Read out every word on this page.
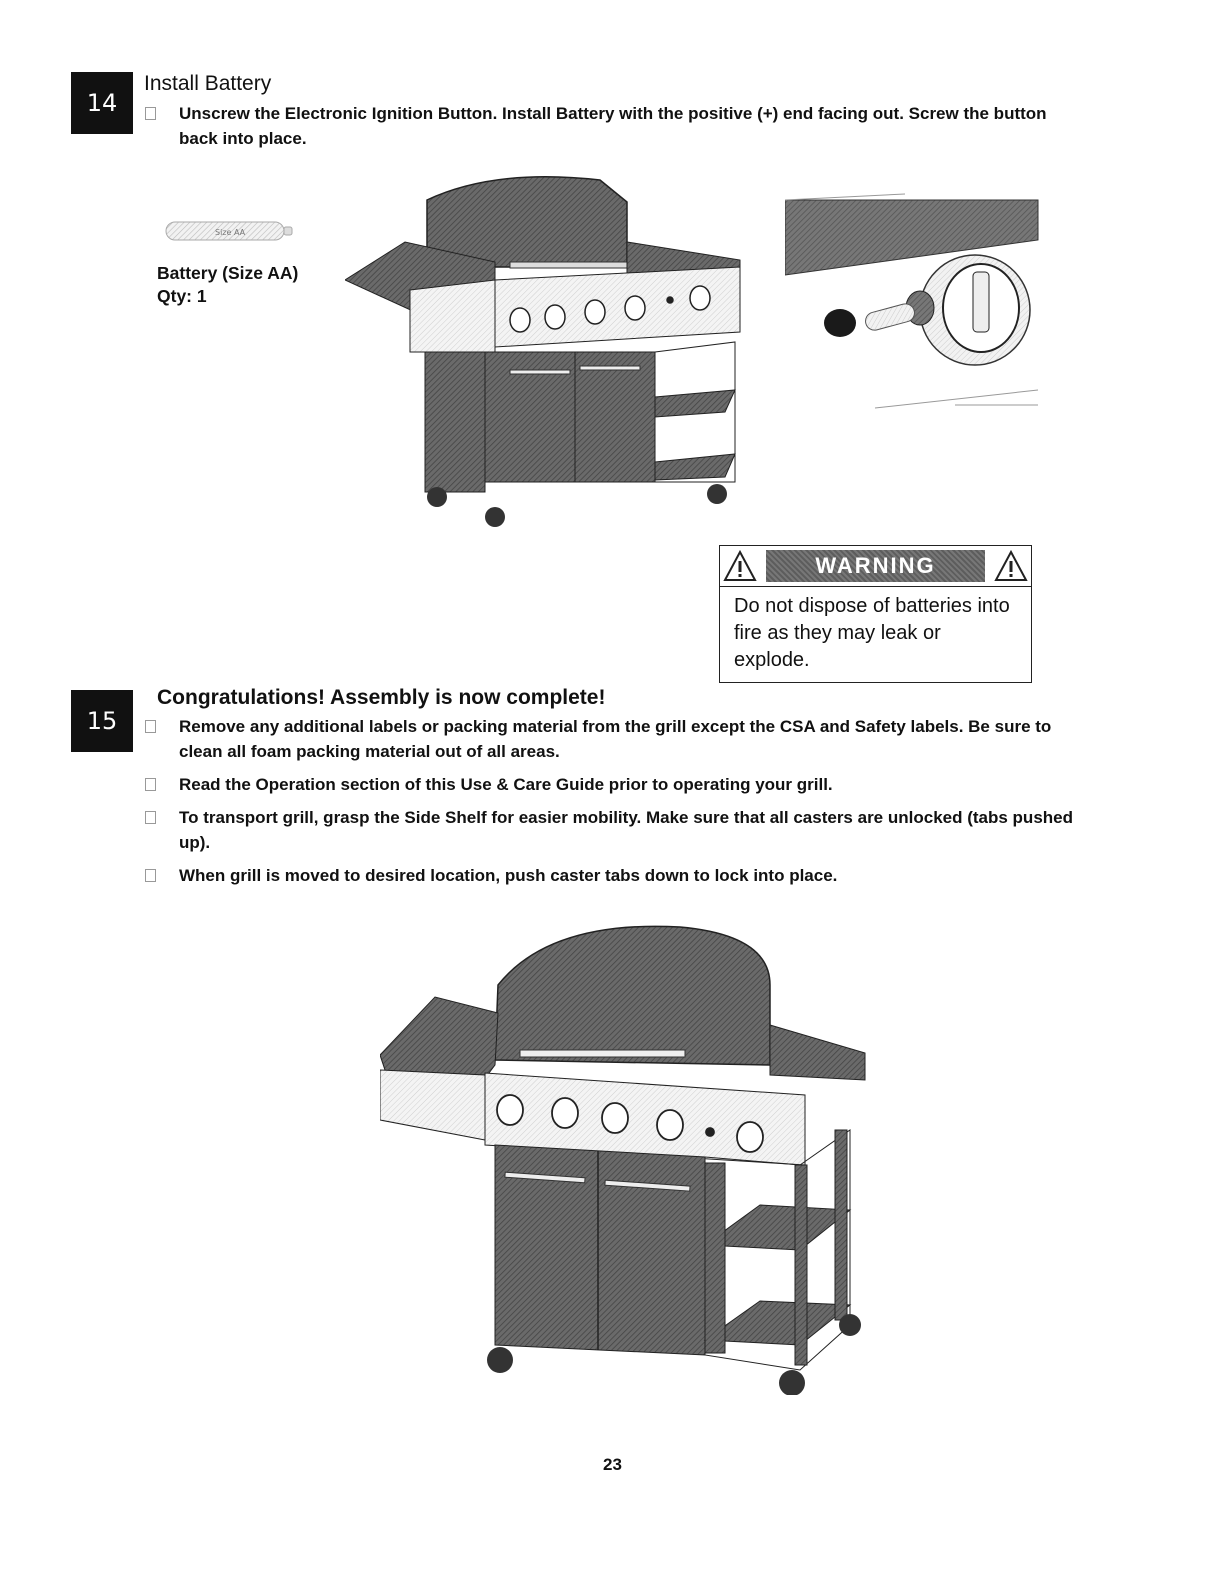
14
Install Battery
Unscrew the Electronic Ignition Button. Install Battery with the positive (+) end facing out. Screw the button back into place.
Size AA
Battery (Size AA)
Qty: 1
WARNING
Do not dispose of batteries into fire as they may leak or explode.
15
Congratulations! Assembly is now complete!
Remove any additional labels or packing material from the grill except the CSA and Safety labels. Be sure to clean all foam packing material out of all areas.
Read the Operation section of this Use & Care Guide prior to operating your grill.
To transport grill, grasp the Side Shelf for easier mobility. Make sure that all casters are unlocked (tabs pushed up).
When grill is moved to desired location, push caster tabs down to lock into place.
23
